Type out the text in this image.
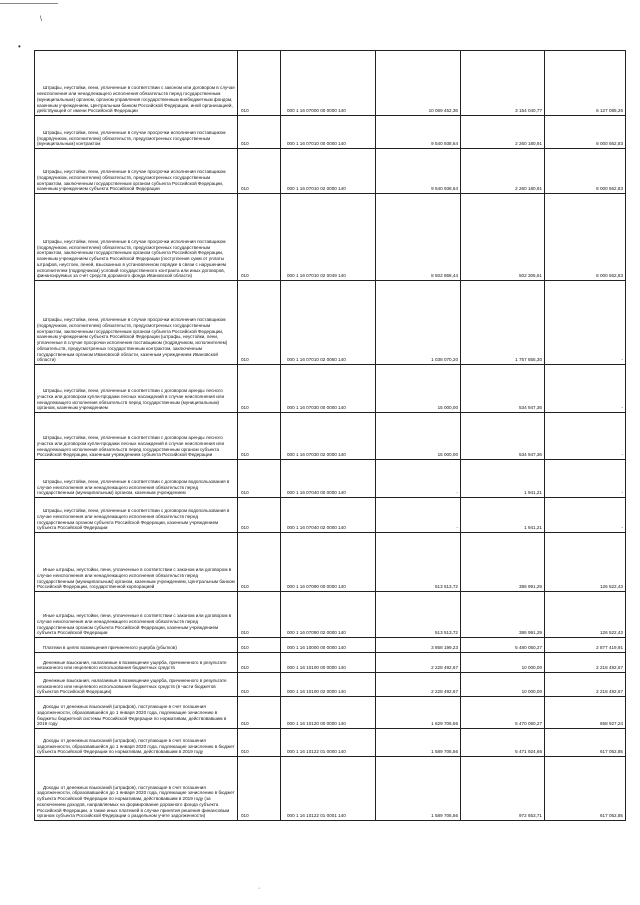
\
•
·
Штрафы, неустойки, пени, уплаченные в соответствии с законом или договором в случае неисполнения или ненадлежащего исполнения обязательств перед государственным (муниципальным) органом, органом управления государственным внебюджетным фондом, казенным учреждением, Центральным банком Российской Федерации, иной организацией, действующей от имени Российской Федерации	010	000 1 16 07000 00 0000 140	10 069 452,36	3 154 040,77	6 127 085,26
Штрафы, неустойки, пени, уплаченные в случае просрочки исполнения поставщиком (подрядчиком, исполнителем) обязательств, предусмотренных государственным (муниципальным) контрактом	010	000 1 16 07010 00 0000 140	9 540 938,64	2 260 180,91	8 000 562,83
Штрафы, неустойки, пени, уплаченные в случае просрочки исполнения поставщиком (подрядчиком, исполнителем) обязательств, предусмотренных государственным контрактом, заключенным государственным органом субъекта Российской Федерации, казенным учреждением субъекта Российской Федерации	010	000 1 16 07010 02 0000 140	9 540 938,64	2 260 180,91	8 000 562,83
Штрафы, неустойки, пени, уплаченные в случае просрочки исполнения поставщиком (подрядчиком, исполнителем) обязательств, предусмотренных государственным контрактом, заключенным государственным органом субъекта Российской Федерации, казенным учреждением субъекта Российской Федерации (поступления сумм от уплаты штрафов, неустоек, пеней, взысканных в установленном порядке в связи с нарушением исполнителем (подрядчиком) условий государственного контракта или иных договоров, финансируемых за счет средств дорожного фонда Ивановской области)	010	000 1 16 07010 02 0049 140	8 502 868,44	502 305,61	8 000 562,83
Штрафы, неустойки, пени, уплаченные в случае просрочки исполнения поставщиком (подрядчиком, исполнителем) обязательств, предусмотренных государственным контрактом, заключенным государственным органом субъекта Российской Федерации, казенным учреждением субъекта Российской Федерации (штрафы, неустойки, пени, уплаченные в случае просрочки исполнения поставщиком (подрядчиком, исполнителем) обязательств, предусмотренных государственным контрактом, заключенным государственным органом Ивановской области, казенным учреждением Ивановской области)	010	000 1 16 07010 02 0050 140	1 038 070,20	1 757 855,30	-
Штрафы, неустойки, пени, уплаченные в соответствии с договором аренды лесного участка или договором купли-продажи лесных насаждений в случае неисполнения или ненадлежащего исполнения обязательств перед государственным (муниципальным) органом, казенным учреждением	010	000 1 16 07030 00 0000 140	15 000,00	534 947,36	-
Штрафы, неустойки, пени, уплаченные в соответствии с договором аренды лесного участка или договором купли-продажи лесных насаждений в случае неисполнения или ненадлежащего исполнения обязательств перед государственным органом субъекта Российской Федерации, казенным учреждением субъекта Российской Федерации	010	000 1 16 07030 02 0000 140	15 000,00	534 947,36	-
Штрафы, неустойки, пени, уплаченные в соответствии с договором водопользования в случае неисполнения или ненадлежащего исполнения обязательств перед государственным (муниципальным) органом, казенным учреждением	010	000 1 16 07040 00 0000 140	-	1 941,21	-
Штрафы, неустойки, пени, уплаченные в соответствии с договором водопользования в случае неисполнения или ненадлежащего исполнения обязательств перед государственным органом субъекта Российской Федерации, казенным учреждением субъекта Российской Федерации	010	000 1 16 07040 02 0000 140	-	1 941,21	-
Иные штрафы, неустойки, пени, уплаченные в соответствии с законом или договором в случае неисполнения или ненадлежащего исполнения обязательств перед государственным (муниципальным) органом, казенным учреждением, Центральным банком Российской Федерации, государственной корпорацией	010	000 1 16 07090 00 0000 140	513 513,72	386 991,29	126 522,43
Иные штрафы, неустойки, пени, уплаченные в соответствии с законом или договором в случае неисполнения или ненадлежащего исполнения обязательств перед государственным органом субъекта Российской Федерации, казенным учреждением субъекта Российской Федерации	010	000 1 16 07090 02 0000 140	513 513,72	386 991,29	126 522,43
Платежи в целях возмещения причиненного ущерба (убытков)	010	000 1 16 10000 00 0000 140	3 858 199,23	5 480 050,27	2 877 419,91
Денежные взыскания, налагаемые в возмещение ущерба, причиненного в результате незаконного или нецелевого использования бюджетных средств	010	000 1 16 10100 00 0000 140	2 228 492,67	10 000,00	2 218 492,67
Денежные взыскания, налагаемые в возмещение ущерба, причиненного в результате незаконного или нецелевого использования бюджетных средств (в части бюджетов субъектов Российской Федерации)	010	000 1 16 10100 02 0000 140	2 228 492,67	10 000,00	2 218 492,67
Доходы от денежных взысканий (штрафов), поступающие в счет погашения задолженности, образовавшейся до 1 января 2020 года, подлежащие зачислению в бюджеты бюджетной системы Российской Федерации по нормативам, действовавшим в 2019 году	010	000 1 16 10120 00 0000 140	1 629 706,56	5 470 050,27	658 927,24
Доходы от денежных взысканий (штрафов), поступающие в счет погашения задолженности, образовавшейся до 1 января 2020 года, подлежащие зачислению в бюджет субъекта Российской Федерации по нормативам, действовавшим в 2019 году	010	000 1 16 10122 01 0000 140	1 589 706,56	5 471 924,66	617 052,85
Доходы от денежных взысканий (штрафов), поступающие в счет погашения задолженности, образовавшейся до 1 января 2020 года, подлежащие зачислению в бюджет субъекта Российской Федерации по нормативам, действовавшим в 2019 году (за исключением доходов, направляемых на формирование дорожного фонда субъекта Российской Федерации, а также иных платежей в случае принятия решения финансовым органом субъекта Российской Федерации о раздельном учете задолженности)	010	000 1 16 10122 01 0001 140	1 589 706,56	972 653,71	617 052,85
